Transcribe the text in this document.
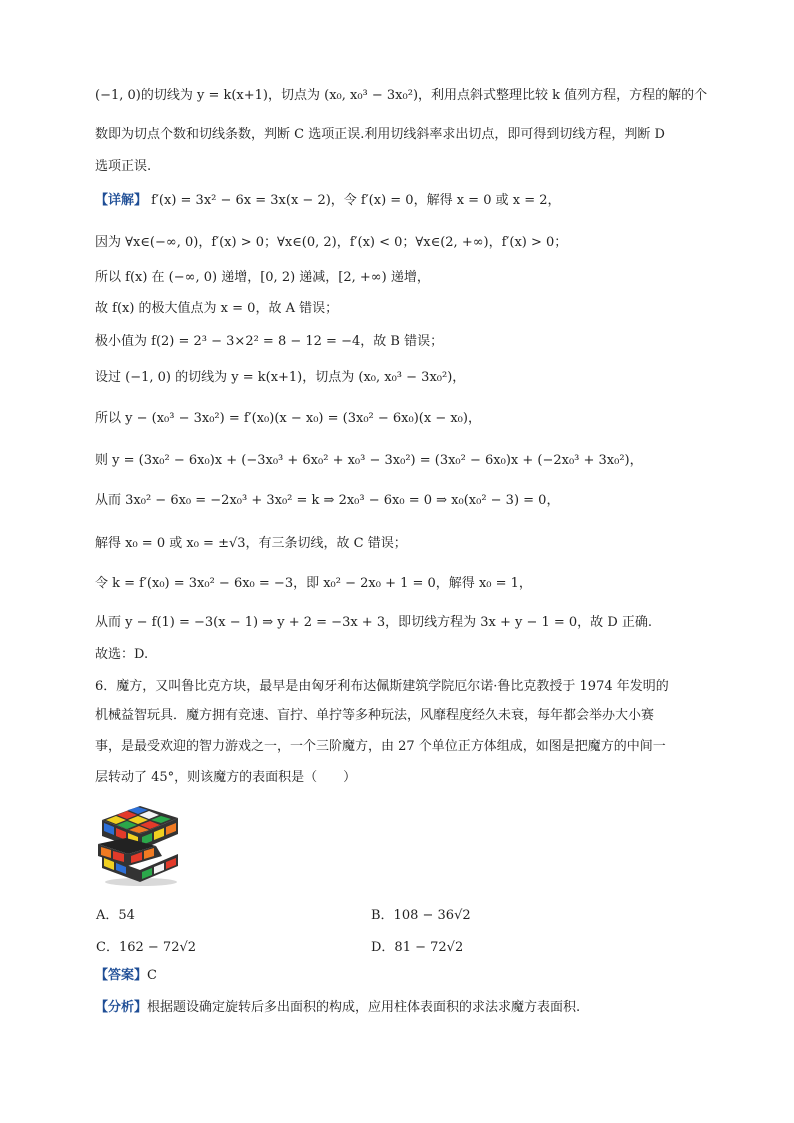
(−1, 0)的切线为 y = k(x+1)，切点为 (x₀, x₀³ − 3x₀²)，利用点斜式整理比较 k 值列方程，方程的解的个
数即为切点个数和切线条数，判断 C 选项正误.利用切线斜率求出切点，即可得到切线方程，判断 D
选项正误.
【详解】 f′(x) = 3x² − 6x = 3x(x − 2)，令 f′(x) = 0，解得 x = 0 或 x = 2，
因为 ∀x∈(−∞, 0)，f′(x) > 0；∀x∈(0, 2)，f′(x) < 0；∀x∈(2, +∞)，f′(x) > 0；
所以 f(x) 在 (−∞, 0) 递增，[0, 2) 递减，[2, +∞) 递增，
故 f(x) 的极大值点为 x = 0，故 A 错误；
极小值为 f(2) = 2³ − 3×2² = 8 − 12 = −4，故 B 错误；
设过 (−1, 0) 的切线为 y = k(x+1)，切点为 (x₀, x₀³ − 3x₀²)，
所以 y − (x₀³ − 3x₀²) = f′(x₀)(x − x₀) = (3x₀² − 6x₀)(x − x₀)，
则 y = (3x₀² − 6x₀)x + (−3x₀³ + 6x₀² + x₀³ − 3x₀²) = (3x₀² − 6x₀)x + (−2x₀³ + 3x₀²)，
从而 3x₀² − 6x₀ = −2x₀³ + 3x₀² = k ⇒ 2x₀³ − 6x₀ = 0 ⇒ x₀(x₀² − 3) = 0，
解得 x₀ = 0 或 x₀ = ±√3，有三条切线，故 C 错误；
令 k = f′(x₀) = 3x₀² − 6x₀ = −3，即 x₀² − 2x₀ + 1 = 0，解得 x₀ = 1，
从而 y − f(1) = −3(x − 1) ⇒ y + 2 = −3x + 3，即切线方程为 3x + y − 1 = 0，故 D 正确.
故选：D.
6．魔方，又叫鲁比克方块，最早是由匈牙利布达佩斯建筑学院厄尔诺·鲁比克教授于 1974 年发明的
机械益智玩具．魔方拥有竞速、盲拧、单拧等多种玩法，风靡程度经久未衰，每年都会举办大小赛
事，是最受欢迎的智力游戏之一，一个三阶魔方，由 27 个单位正方体组成，如图是把魔方的中间一
层转动了 45°，则该魔方的表面积是（　　）
A．54	B．108 − 36√2
C．162 − 72√2	D．81 − 72√2
【答案】C
【分析】根据题设确定旋转后多出面积的构成，应用柱体表面积的求法求魔方表面积.
